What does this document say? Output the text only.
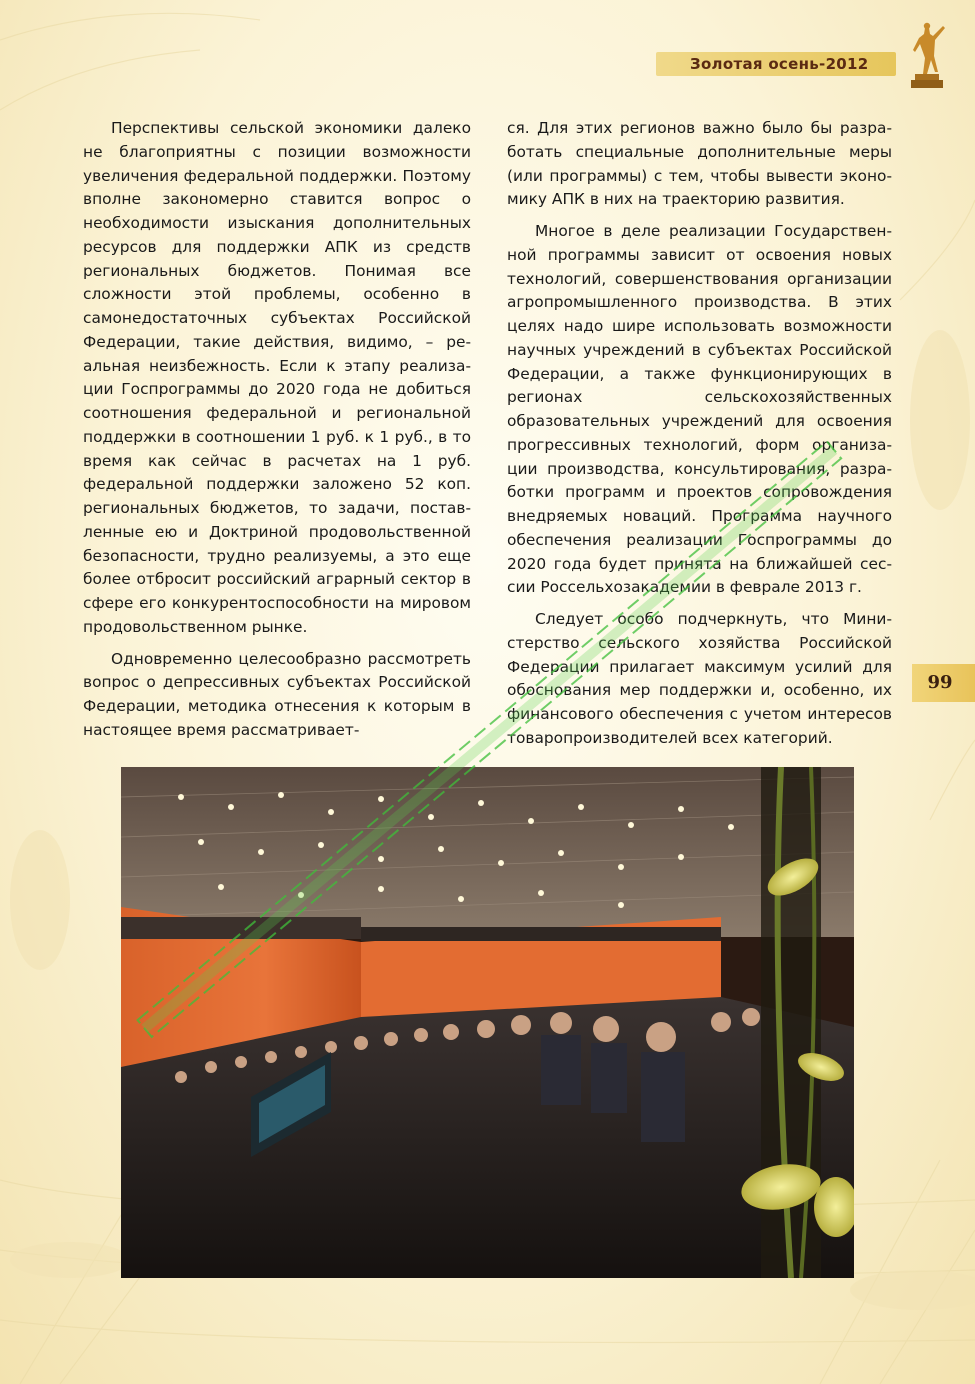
Золотая осень-2012
99

Перспективы сельской экономики далеко не благоприятны с позиции возможности увеличения федеральной поддержки. Поэтому вполне закономерно ставится вопрос о необходимости изыскания дополнительных ресурсов для поддержки АПК из средств региональных бюджетов. Понимая все сложности этой проблемы, особенно в самонедостаточных субъектах Российской Федерации, такие действия, видимо, – реальная неизбежность. Если к этапу реализации Госпрограммы до 2020 года не добиться соотношения федеральной и региональной поддержки в соотношении 1 руб. к 1 руб., в то время как сейчас в расчетах на 1 руб. федеральной поддержки заложено 52 коп. региональных бюджетов, то задачи, поставленные ею и Доктриной продовольственной безопасности, трудно реализуемы, а это еще более отбросит российский аграрный сектор в сфере его конкурентоспособности на мировом продовольственном рынке.

Одновременно целесообразно рассмотреть вопрос о депрессивных субъектах Российской Федерации, методика отнесения к которым в настоящее время рассматривает-

ся. Для этих регионов важно было бы разработать специальные дополнительные меры (или программы) с тем, чтобы вывести экономику АПК в них на траекторию развития.

Многое в деле реализации Государственной программы зависит от освоения новых технологий, совершенствования организации агропромышленного производства. В этих целях надо шире использовать возможности научных учреждений в субъектах Российской Федерации, а также функционирующих в регионах сельскохозяйственных образовательных учреждений для освоения прогрессивных технологий, форм организации производства, консультирования, разработки программ и проектов сопровождения внедряемых новаций. Программа научного обеспечения реализации Госпрограммы до 2020 года будет принята на ближайшей сессии Россельхозакадемии в феврале 2013 г.

Следует особо подчеркнуть, что Министерство сельского хозяйства Российской Федерации прилагает максимум усилий для обоснования мер поддержки и, особенно, их финансового обеспечения с учетом интересов товаропроизводителей всех категорий.
